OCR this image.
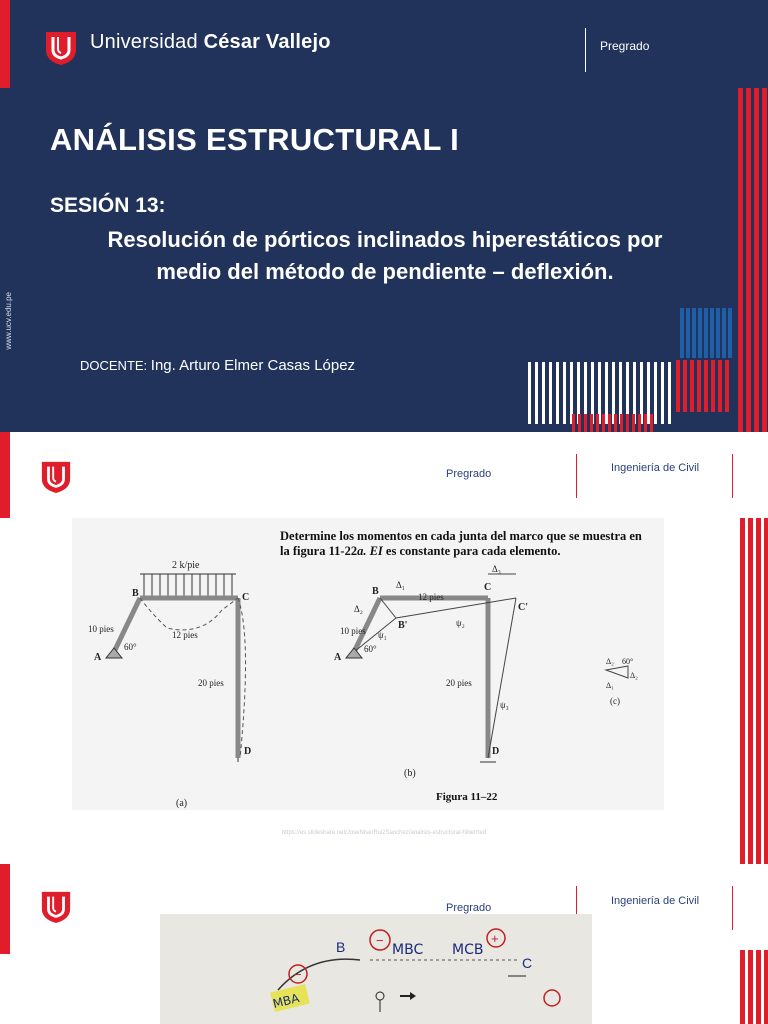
Universidad César Vallejo	Pregrado
www.ucv.edu.pe
ANÁLISIS ESTRUCTURAL I
SESIÓN 13:
Resolución de pórticos inclinados hiperestáticos por
medio del método de pendiente – deflexión.
DOCENTE: Ing. Arturo Elmer Casas López
Pregrado	Ingeniería de Civil
Determine los momentos en cada junta del marco que se muestra en
la figura 11-22a. EI es constante para cada elemento.
2 k/pie
B	C
A
D
10 pies
12 pies
20 pies
60°
(a)
B	C
C'
B'
A
D
10 pies
12 pies
20 pies
60°
Δ₁
Δ₂
Δ₃
ψ₁
ψ₂
ψ₃
(b)
Δ₂ 60°
Δ₁
Δ₂
(c)
Figura 11–22
https://es.slideshare.net/JoseNiserRuizSanchez/analisis-estructural-hiberrted
Ingeniería de Civil
B
C
−
MBC
+
MCB
−
MBA
Pregrado
